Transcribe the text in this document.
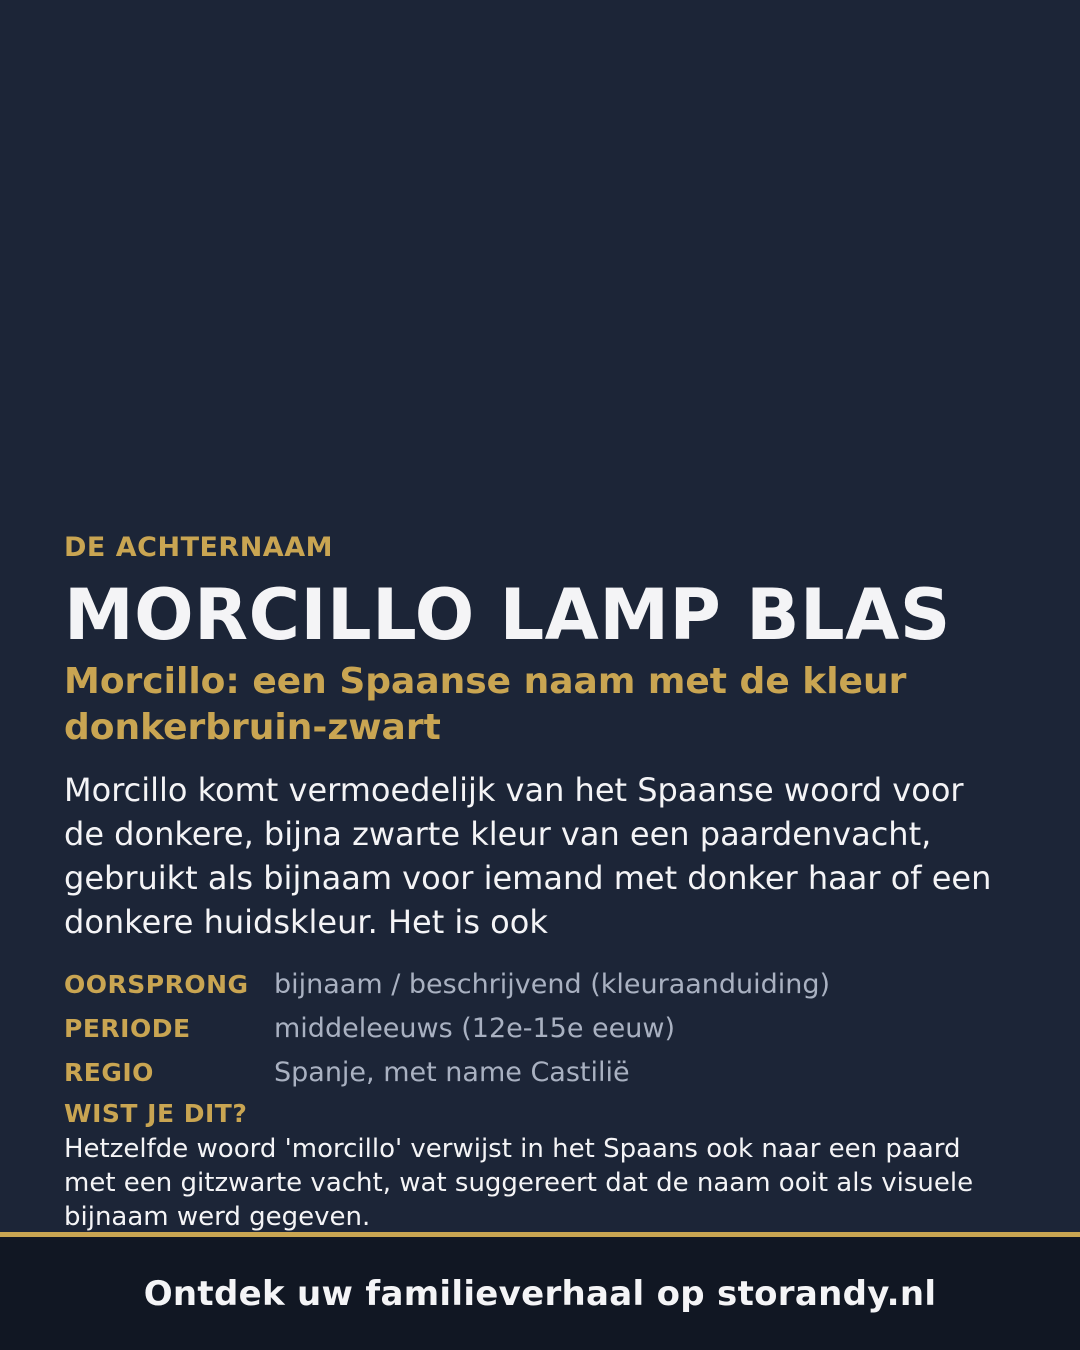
DE ACHTERNAAM

MORCILLO LAMP BLAS
Morcillo: een Spaanse naam met de kleur donkerbruin-zwart

Morcillo komt vermoedelijk van het Spaanse woord voor de donkere, bijna zwarte kleur van een paardenvacht, gebruikt als bijnaam voor iemand met donker haar of een donkere huidskleur. Het is ook

OORSPRONG bijnaam / beschrijvend (kleuraanduiding)
PERIODE	middeleeuws (12e-15e eeuw)
REGIO	Spanje, met name Castilië

WIST JE DIT?

Hetzelfde woord 'morcillo' verwijst in het Spaans ook naar een paard met een gitzwarte vacht, wat suggereert dat de naam ooit als visuele bijnaam werd gegeven.

Ontdek uw familieverhaal op storandy.nl
